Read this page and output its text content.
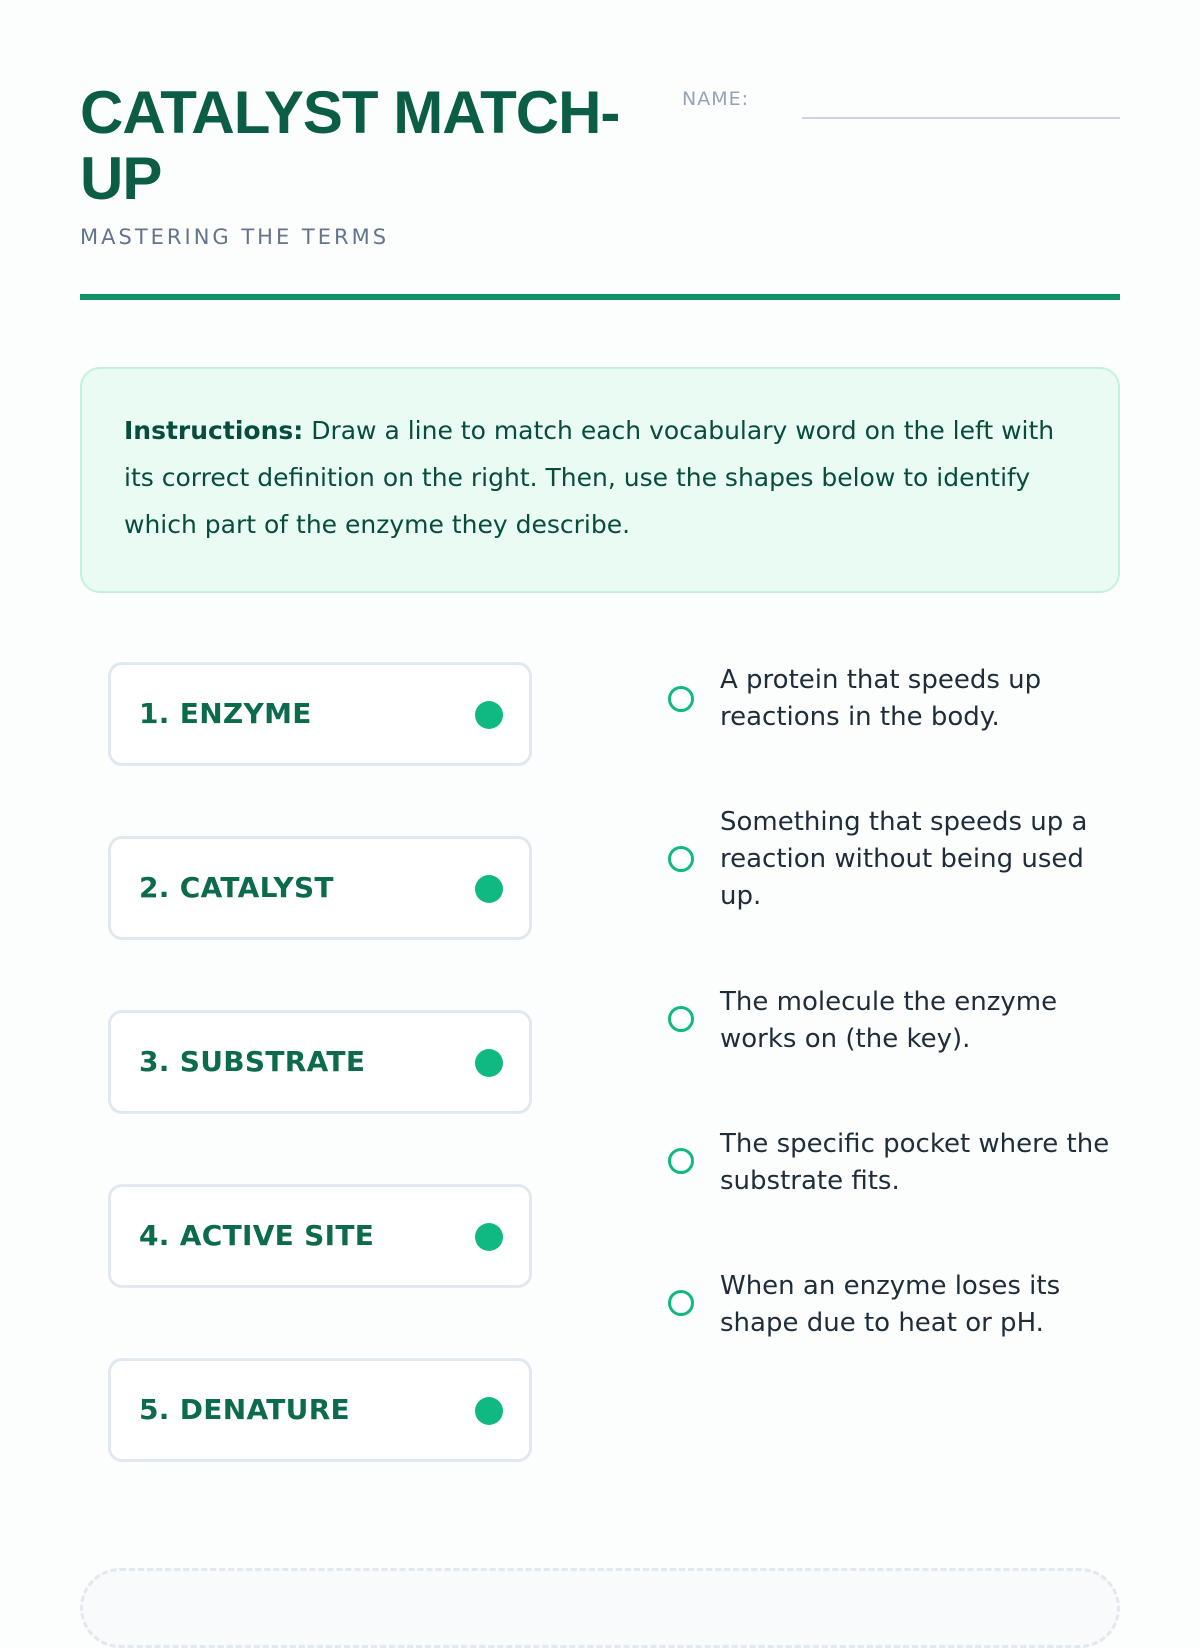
CATALYST MATCH-UP
MASTERING THE TERMS
NAME:
Instructions: Draw a line to match each vocabulary word on the left with its correct definition on the right. Then, use the shapes below to identify which part of the enzyme they describe.
1. ENZYME
2. CATALYST
3. SUBSTRATE
4. ACTIVE SITE
5. DENATURE
A protein that speeds up reactions in the body.
Something that speeds up a reaction without being used up.
The molecule the enzyme works on (the key).
The specific pocket where the substrate fits.
When an enzyme loses its shape due to heat or pH.
